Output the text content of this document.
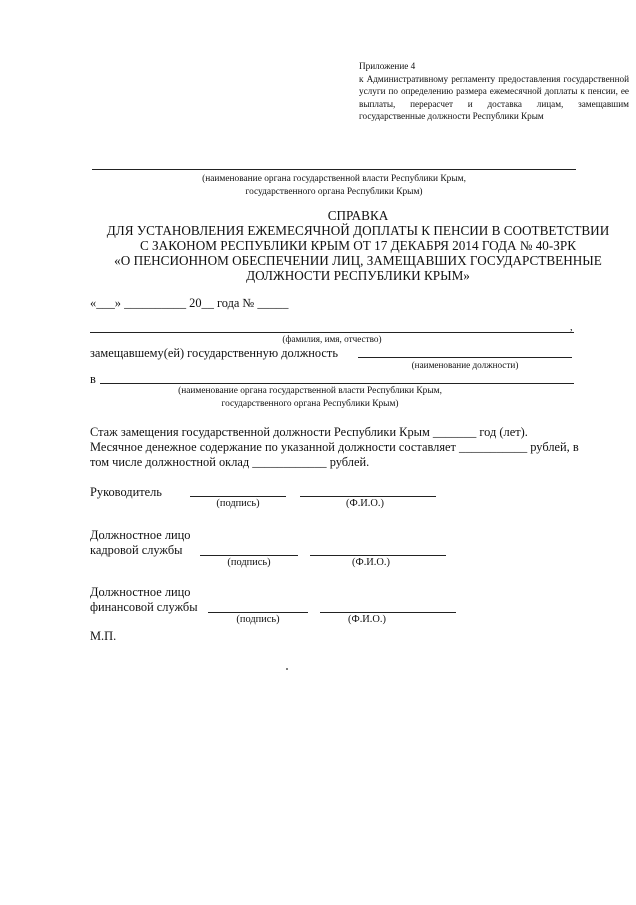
Приложение 4
к Административному регламенту предоставления государственной услуги по определению размера ежемесячной доплаты к пенсии, ее выплаты, перерасчет и доставка лицам, замещавшим государственные должности Республики Крым
(наименование органа государственной власти Республики Крым,
государственного органа Республики Крым)
СПРАВКА
ДЛЯ УСТАНОВЛЕНИЯ ЕЖЕМЕСЯЧНОЙ ДОПЛАТЫ К ПЕНСИИ В СООТВЕТСТВИИ
С ЗАКОНОМ РЕСПУБЛИКИ КРЫМ ОТ 17 ДЕКАБРЯ 2014 ГОДА № 40-ЗРК
«О ПЕНСИОННОМ ОБЕСПЕЧЕНИИ ЛИЦ, ЗАМЕЩАВШИХ ГОСУДАРСТВЕННЫЕ
ДОЛЖНОСТИ РЕСПУБЛИКИ КРЫМ»
«___» __________ 20__ года № _____
,
(фамилия, имя, отчество)
замещавшему(ей) государственную должность
(наименование должности)
в
(наименование органа государственной власти Республики Крым,
государственного органа Республики Крым)
Стаж замещения государственной должности Республики Крым _______ год (лет).
Месячное денежное содержание по указанной должности составляет ___________ рублей, в
том числе должностной оклад ____________ рублей.
Руководитель
(подпись)	(Ф.И.О.)
Должностное лицо
кадровой службы
(подпись)	(Ф.И.О.)
Должностное лицо
финансовой службы
(подпись)	(Ф.И.О.)
М.П.
